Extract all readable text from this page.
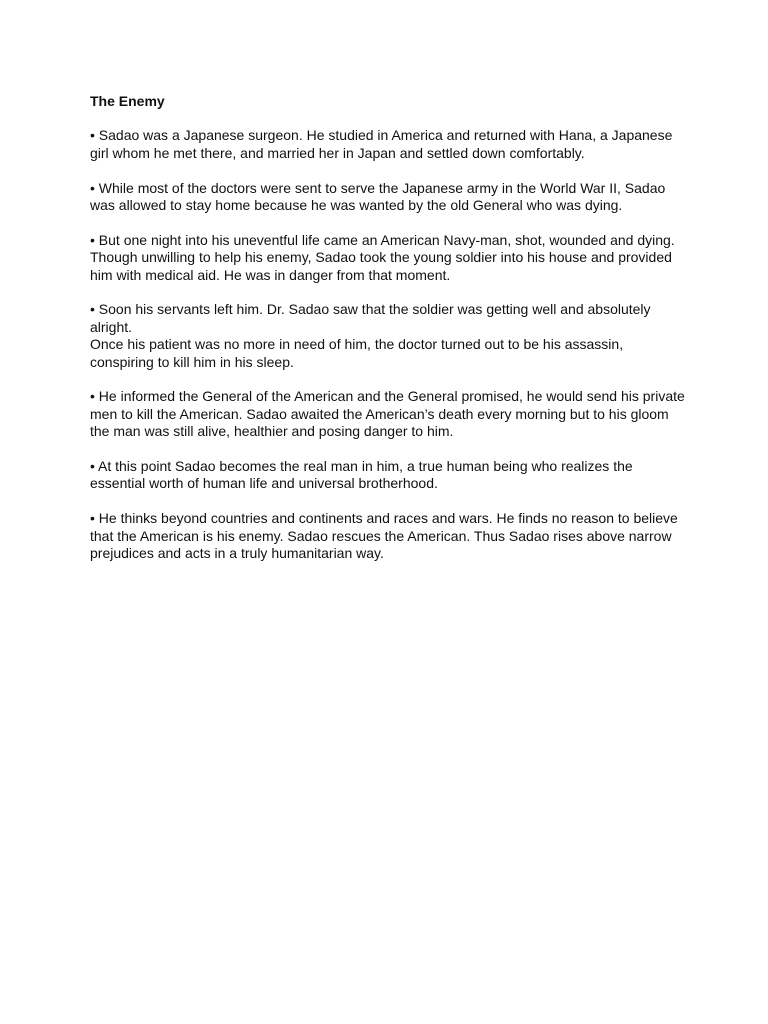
The Enemy

• Sadao was a Japanese surgeon. He studied in America and returned with Hana, a Japanese girl whom he met there, and married her in Japan and settled down comfortably.

• While most of the doctors were sent to serve the Japanese army in the World War II, Sadao was allowed to stay home because he was wanted by the old General who was dying.

• But one night into his uneventful life came an American Navy-man, shot, wounded and dying. Though unwilling to help his enemy, Sadao took the young soldier into his house and provided him with medical aid. He was in danger from that moment.

• Soon his servants left him. Dr. Sadao saw that the soldier was getting well and absolutely alright.

Once his patient was no more in need of him, the doctor turned out to be his assassin, conspiring to kill him in his sleep.

• He informed the General of the American and the General promised, he would send his private men to kill the American. Sadao awaited the American’s death every morning but to his gloom the man was still alive, healthier and posing danger to him.

• At this point Sadao becomes the real man in him, a true human being who realizes the essential worth of human life and universal brotherhood.

• He thinks beyond countries and continents and races and wars. He finds no reason to believe that the American is his enemy. Sadao rescues the American. Thus Sadao rises above narrow prejudices and acts in a truly humanitarian way.
